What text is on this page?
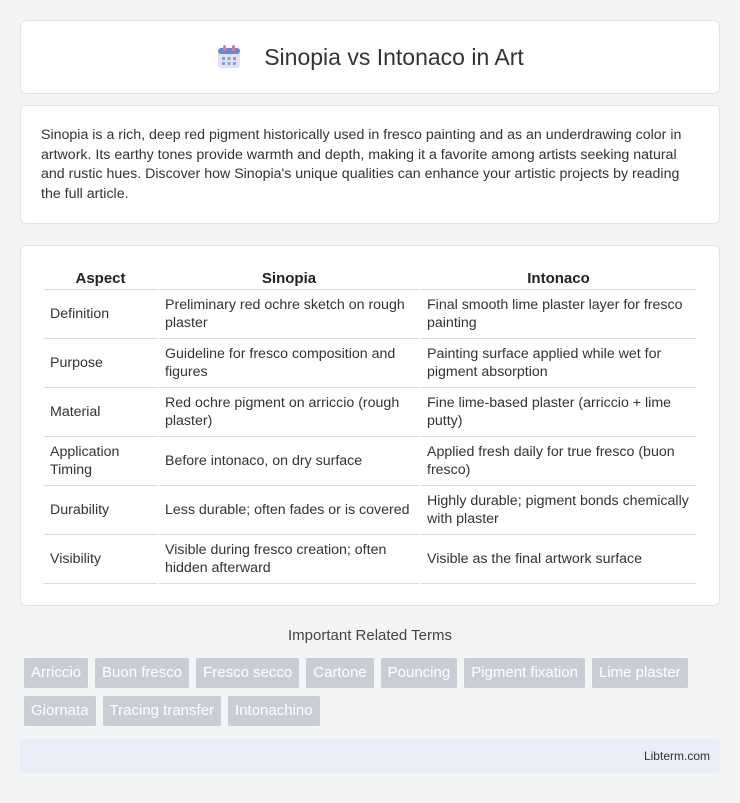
Sinopia vs Intonaco in Art

Sinopia is a rich, deep red pigment historically used in fresco painting and as an underdrawing color in artwork. Its earthy tones provide warmth and depth, making it a favorite among artists seeking natural and rustic hues. Discover how Sinopia's unique qualities can enhance your artistic projects by reading the full article.

Aspect	Sinopia	Intonaco
Definition	Preliminary red ochre sketch on rough plaster	Final smooth lime plaster layer for fresco painting
Purpose	Guideline for fresco composition and figures	Painting surface applied while wet for pigment absorption
Material	Red ochre pigment on arriccio (rough plaster)	Fine lime-based plaster (arriccio + lime putty)
Application Timing	Before intonaco, on dry surface	Applied fresh daily for true fresco (buon fresco)
Durability	Less durable; often fades or is covered	Highly durable; pigment bonds chemically with plaster
Visibility	Visible during fresco creation; often hidden afterward	Visible as the final artwork surface
Important Related Terms
Arriccio	Buon fresco	Fresco secco	Cartone	Pouncing	Pigment fixation	Lime plaster
Giornata	Tracing transfer	Intonachino
Libterm.com
